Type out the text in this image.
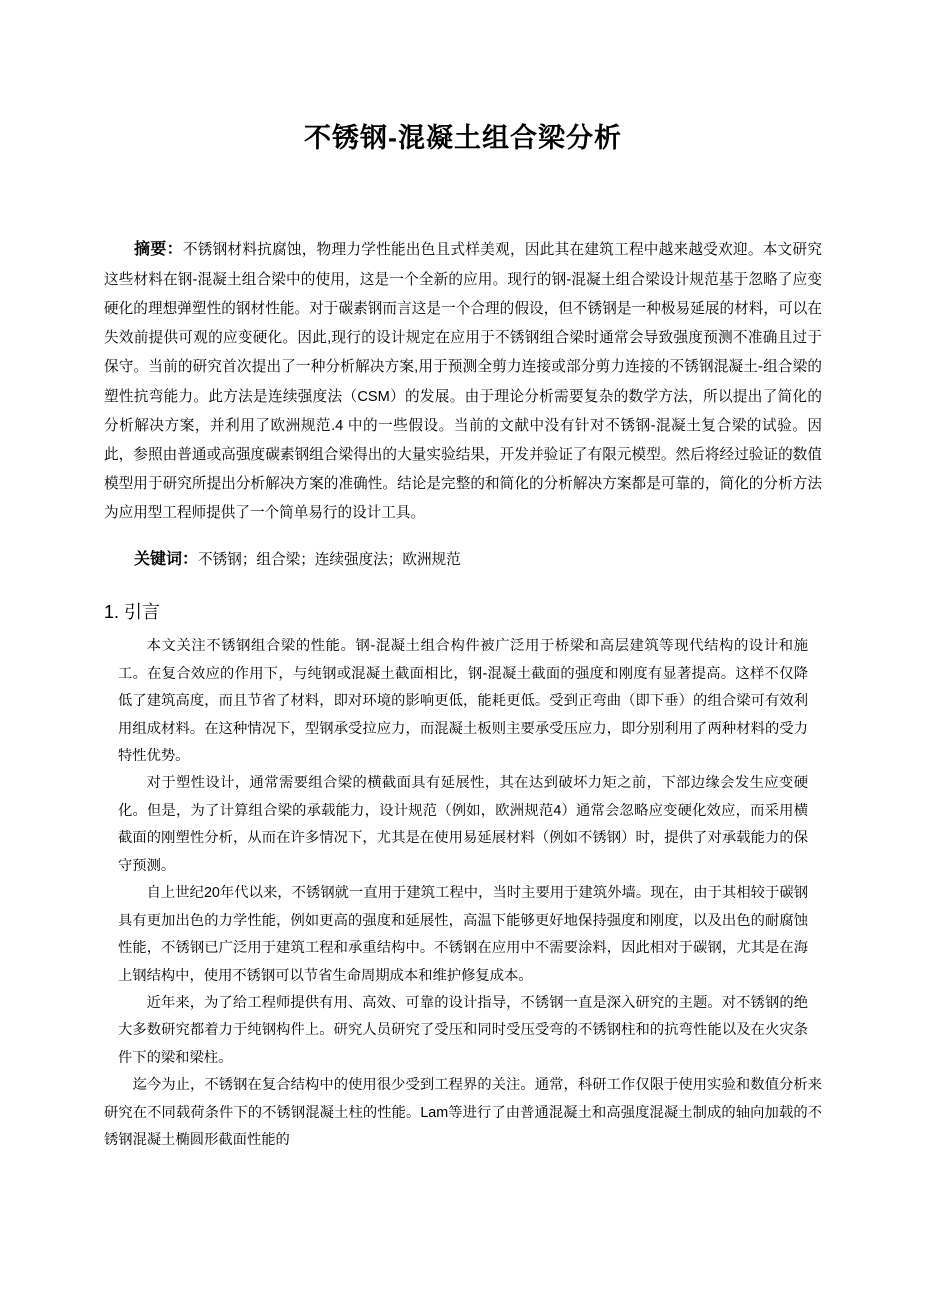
不锈钢-混凝土组合梁分析

摘要：不锈钢材料抗腐蚀，物理力学性能出色且式样美观，因此其在建筑工程中越来越受欢迎。本文研究这些材料在钢-混凝土组合梁中的使用，这是一个全新的应用。现行的钢-混凝土组合梁设计规范基于忽略了应变硬化的理想弹塑性的钢材性能。对于碳素钢而言这是一个合理的假设，但不锈钢是一种极易延展的材料，可以在失效前提供可观的应变硬化。因此,现行的设计规定在应用于不锈钢组合梁时通常会导致强度预测不准确且过于保守。当前的研究首次提出了一种分析解决方案,用于预测全剪力连接或部分剪力连接的不锈钢混凝土-组合梁的塑性抗弯能力。此方法是连续强度法（CSM）的发展。由于理论分析需要复杂的数学方法，所以提出了简化的分析解决方案，并利用了欧洲规范.4 中的一些假设。当前的文献中没有针对不锈钢-混凝土复合梁的试验。因此，参照由普通或高强度碳素钢组合梁得出的大量实验结果，开发并验证了有限元模型。然后将经过验证的数值模型用于研究所提出分析解决方案的准确性。结论是完整的和简化的分析解决方案都是可靠的，简化的分析方法为应用型工程师提供了一个简单易行的设计工具。

关键词：不锈钢；组合梁；连续强度法；欧洲规范

1. 引言

本文关注不锈钢组合梁的性能。钢-混凝土组合构件被广泛用于桥梁和高层建筑等现代结构的设计和施工。在复合效应的作用下，与纯钢或混凝土截面相比，钢-混凝土截面的强度和刚度有显著提高。这样不仅降低了建筑高度，而且节省了材料，即对环境的影响更低，能耗更低。受到正弯曲（即下垂）的组合梁可有效利用组成材料。在这种情况下，型钢承受拉应力，而混凝土板则主要承受压应力，即分别利用了两种材料的受力特性优势。

对于塑性设计，通常需要组合梁的横截面具有延展性，其在达到破坏力矩之前，下部边缘会发生应变硬化。但是，为了计算组合梁的承载能力，设计规范（例如，欧洲规范4）通常会忽略应变硬化效应，而采用横截面的刚塑性分析，从而在许多情况下，尤其是在使用易延展材料（例如不锈钢）时，提供了对承载能力的保守预测。

自上世纪20年代以来，不锈钢就一直用于建筑工程中，当时主要用于建筑外墙。现在，由于其相较于碳钢具有更加出色的力学性能，例如更高的强度和延展性，高温下能够更好地保持强度和刚度，以及出色的耐腐蚀性能，不锈钢已广泛用于建筑工程和承重结构中。不锈钢在应用中不需要涂料，因此相对于碳钢，尤其是在海上钢结构中，使用不锈钢可以节省生命周期成本和维护修复成本。

近年来，为了给工程师提供有用、高效、可靠的设计指导，不锈钢一直是深入研究的主题。对不锈钢的绝大多数研究都着力于纯钢构件上。研究人员研究了受压和同时受压受弯的不锈钢柱和的抗弯性能以及在火灾条件下的梁和梁柱。

迄今为止，不锈钢在复合结构中的使用很少受到工程界的关注。通常，科研工作仅限于使用实验和数值分析来研究在不同载荷条件下的不锈钢混凝土柱的性能。Lam等进行了由普通混凝土和高强度混凝土制成的轴向加载的不锈钢混凝土椭圆形截面性能的
